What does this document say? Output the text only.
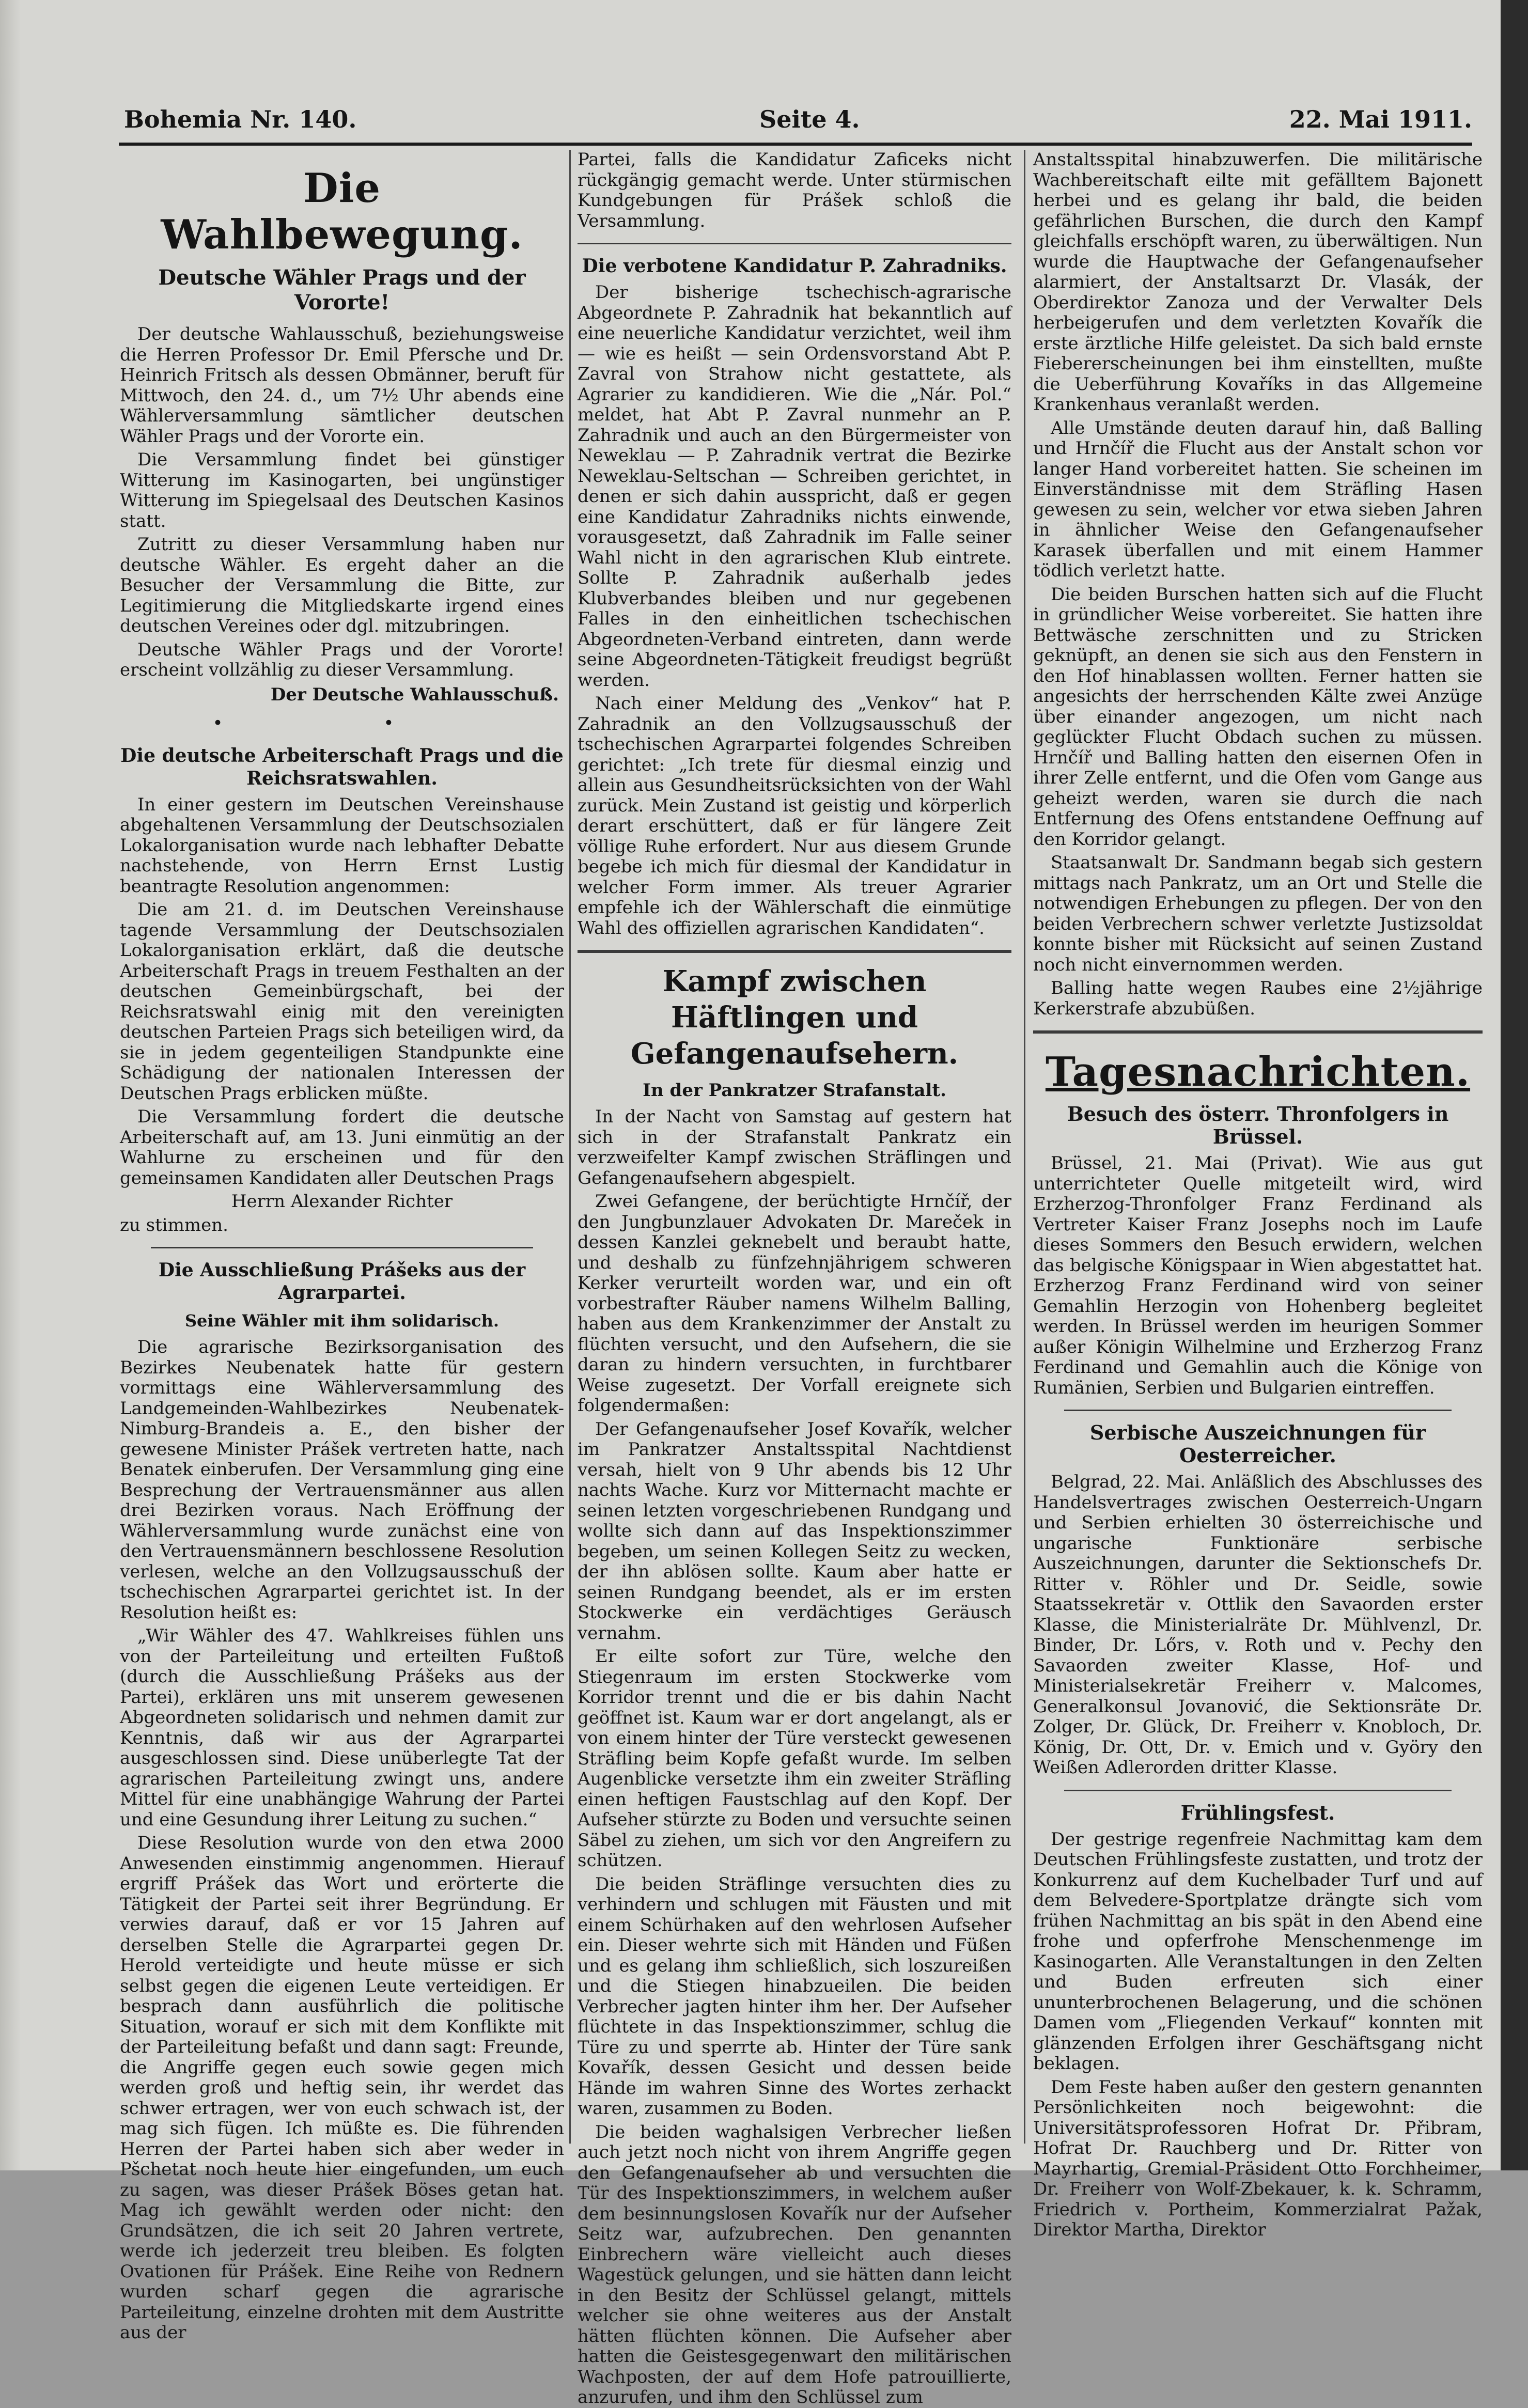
Bohemia Nr. 140.	Seite 4.	22. Mai 1911.
Die Wahlbewegung.
Deutsche Wähler Prags und der Vororte!

Der deutsche Wahlausschuß, beziehungsweise die Herren Professor Dr. Emil Pfersche und Dr. Heinrich Fritsch als dessen Obmänner, beruft für Mittwoch, den 24. d., um 7½ Uhr abends eine Wählerversammlung sämtlicher deutschen Wähler Prags und der Vororte ein.

Die Versammlung findet bei günstiger Witterung im Kasinogarten, bei ungünstiger Witterung im Spiegelsaal des Deutschen Kasinos statt.

Zutritt zu dieser Versammlung haben nur deutsche Wähler. Es ergeht daher an die Besucher der Versammlung die Bitte, zur Legitimierung die Mitgliedskarte irgend eines deutschen Vereines oder dgl. mitzubringen.

Deutsche Wähler Prags und der Vororte! erscheint vollzählig zu dieser Versammlung.

Der Deutsche Wahlausschuß.
• •
Die deutsche Arbeiterschaft Prags und die Reichsratswahlen.

In einer gestern im Deutschen Vereinshause abgehaltenen Versammlung der Deutschsozialen Lokalorganisation wurde nach lebhafter Debatte nachstehende, von Herrn Ernst Lustig beantragte Resolution angenommen:

Die am 21. d. im Deutschen Vereinshause tagende Versammlung der Deutschsozialen Lokalorganisation erklärt, daß die deutsche Arbeiterschaft Prags in treuem Festhalten an der deutschen Gemeinbürgschaft, bei der Reichsratswahl einig mit den vereinigten deutschen Parteien Prags sich beteiligen wird, da sie in jedem gegenteiligen Standpunkte eine Schädigung der nationalen Interessen der Deutschen Prags erblicken müßte.

Die Versammlung fordert die deutsche Arbeiterschaft auf, am 13. Juni einmütig an der Wahlurne zu erscheinen und für den gemeinsamen Kandidaten aller Deutschen Prags

Herrn Alexander Richter

zu stimmen.

Die Ausschließung Prášeks aus der Agrarpartei.
Seine Wähler mit ihm solidarisch.

Die agrarische Bezirksorganisation des Bezirkes Neubenatek hatte für gestern vormittags eine Wählerversammlung des Landgemeinden-Wahlbezirkes Neubenatek-Nimburg-Brandeis a. E., den bisher der gewesene Minister Prášek vertreten hatte, nach Benatek einberufen. Der Versammlung ging eine Besprechung der Vertrauensmänner aus allen drei Bezirken voraus. Nach Eröffnung der Wählerversammlung wurde zunächst eine von den Vertrauensmännern beschlossene Resolution verlesen, welche an den Vollzugsausschuß der tschechischen Agrarpartei gerichtet ist. In der Resolution heißt es:

„Wir Wähler des 47. Wahlkreises fühlen uns von der Parteileitung und erteilten Fußtoß (durch die Ausschließung Prášeks aus der Partei), erklären uns mit unserem gewesenen Abgeordneten solidarisch und nehmen damit zur Kenntnis, daß wir aus der Agrarpartei ausgeschlossen sind. Diese unüberlegte Tat der agrarischen Parteileitung zwingt uns, andere Mittel für eine unabhängige Wahrung der Partei und eine Gesundung ihrer Leitung zu suchen.“

Diese Resolution wurde von den etwa 2000 Anwesenden einstimmig angenommen. Hierauf ergriff Prášek das Wort und erörterte die Tätigkeit der Partei seit ihrer Begründung. Er verwies darauf, daß er vor 15 Jahren auf derselben Stelle die Agrarpartei gegen Dr. Herold verteidigte und heute müsse er sich selbst gegen die eigenen Leute verteidigen. Er besprach dann ausführlich die politische Situation, worauf er sich mit dem Konflikte mit der Parteileitung befaßt und dann sagt: Freunde, die Angriffe gegen euch sowie gegen mich werden groß und heftig sein, ihr werdet das schwer ertragen, wer von euch schwach ist, der mag sich fügen. Ich müßte es. Die führenden Herren der Partei haben sich aber weder in Pšchetat noch heute hier eingefunden, um euch zu sagen, was dieser Prášek Böses getan hat. Mag ich gewählt werden oder nicht: den Grundsätzen, die ich seit 20 Jahren vertrete, werde ich jederzeit treu bleiben. Es folgten Ovationen für Prášek. Eine Reihe von Rednern wurden scharf gegen die agrarische Parteileitung, einzelne drohten mit dem Austritte aus der

Partei, falls die Kandidatur Zaficeks nicht rückgängig gemacht werde. Unter stürmischen Kundgebungen für Prášek schloß die Versammlung.

Die verbotene Kandidatur P. Zahradniks.

Der bisherige tschechisch-agrarische Abgeordnete P. Zahradnik hat bekanntlich auf eine neuerliche Kandidatur verzichtet, weil ihm — wie es heißt — sein Ordensvorstand Abt P. Zavral von Strahow nicht gestattete, als Agrarier zu kandidieren. Wie die „Nár. Pol.“ meldet, hat Abt P. Zavral nunmehr an P. Zahradnik und auch an den Bürgermeister von Neweklau — P. Zahradnik vertrat die Bezirke Neweklau-Seltschan — Schreiben gerichtet, in denen er sich dahin ausspricht, daß er gegen eine Kandidatur Zahradniks nichts einwende, vorausgesetzt, daß Zahradnik im Falle seiner Wahl nicht in den agrarischen Klub eintrete. Sollte P. Zahradnik außerhalb jedes Klubverbandes bleiben und nur gegebenen Falles in den einheitlichen tschechischen Abgeordneten-Verband eintreten, dann werde seine Abgeordneten-Tätigkeit freudigst begrüßt werden.

Nach einer Meldung des „Venkov“ hat P. Zahradnik an den Vollzugsausschuß der tschechischen Agrarpartei folgendes Schreiben gerichtet: „Ich trete für diesmal einzig und allein aus Gesundheitsrücksichten von der Wahl zurück. Mein Zustand ist geistig und körperlich derart erschüttert, daß er für längere Zeit völlige Ruhe erfordert. Nur aus diesem Grunde begebe ich mich für diesmal der Kandidatur in welcher Form immer. Als treuer Agrarier empfehle ich der Wählerschaft die einmütige Wahl des offiziellen agrarischen Kandidaten“.

Kampf zwischen Häftlingen und Gefangenaufsehern.
In der Pankratzer Strafanstalt.

In der Nacht von Samstag auf gestern hat sich in der Strafanstalt Pankratz ein verzweifelter Kampf zwischen Sträflingen und Gefangenaufsehern abgespielt.

Zwei Gefangene, der berüchtigte Hrnčíř, der den Jungbunzlauer Advokaten Dr. Mareček in dessen Kanzlei geknebelt und beraubt hatte, und deshalb zu fünfzehnjährigem schweren Kerker verurteilt worden war, und ein oft vorbestrafter Räuber namens Wilhelm Balling, haben aus dem Krankenzimmer der Anstalt zu flüchten versucht, und den Aufsehern, die sie daran zu hindern versuchten, in furchtbarer Weise zugesetzt. Der Vorfall ereignete sich folgendermaßen:

Der Gefangenaufseher Josef Kovařík, welcher im Pankratzer Anstaltsspital Nachtdienst versah, hielt von 9 Uhr abends bis 12 Uhr nachts Wache. Kurz vor Mitternacht machte er seinen letzten vorgeschriebenen Rundgang und wollte sich dann auf das Inspektionszimmer begeben, um seinen Kollegen Seitz zu wecken, der ihn ablösen sollte. Kaum aber hatte er seinen Rundgang beendet, als er im ersten Stockwerke ein verdächtiges Geräusch vernahm.

Er eilte sofort zur Türe, welche den Stiegenraum im ersten Stockwerke vom Korridor trennt und die er bis dahin Nacht geöffnet ist. Kaum war er dort angelangt, als er von einem hinter der Türe versteckt gewesenen Sträfling beim Kopfe gefaßt wurde. Im selben Augenblicke versetzte ihm ein zweiter Sträfling einen heftigen Faustschlag auf den Kopf. Der Aufseher stürzte zu Boden und versuchte seinen Säbel zu ziehen, um sich vor den Angreifern zu schützen.

Die beiden Sträflinge versuchten dies zu verhindern und schlugen mit Fäusten und mit einem Schürhaken auf den wehrlosen Aufseher ein. Dieser wehrte sich mit Händen und Füßen und es gelang ihm schließlich, sich loszureißen und die Stiegen hinabzueilen. Die beiden Verbrecher jagten hinter ihm her. Der Aufseher flüchtete in das Inspektionszimmer, schlug die Türe zu und sperrte ab. Hinter der Türe sank Kovařík, dessen Gesicht und dessen beide Hände im wahren Sinne des Wortes zerhackt waren, zusammen zu Boden.

Die beiden waghalsigen Verbrecher ließen auch jetzt noch nicht von ihrem Angriffe gegen den Gefangenaufseher ab und versuchten die Tür des Inspektionszimmers, in welchem außer dem besinnungslosen Kovařík nur der Aufseher Seitz war, aufzubrechen. Den genannten Einbrechern wäre vielleicht auch dieses Wagestück gelungen, und sie hätten dann leicht in den Besitz der Schlüssel gelangt, mittels welcher sie ohne weiteres aus der Anstalt hätten flüchten können. Die Aufseher aber hatten die Geistesgegenwart den militärischen Wachposten, der auf dem Hofe patrouillierte, anzurufen, und ihm den Schlüssel zum

Anstaltsspital hinabzuwerfen. Die militärische Wachbereitschaft eilte mit gefälltem Bajonett herbei und es gelang ihr bald, die beiden gefährlichen Burschen, die durch den Kampf gleichfalls erschöpft waren, zu überwältigen. Nun wurde die Hauptwache der Gefangenaufseher alarmiert, der Anstaltsarzt Dr. Vlasák, der Oberdirektor Zanoza und der Verwalter Dels herbeigerufen und dem verletzten Kovařík die erste ärztliche Hilfe geleistet. Da sich bald ernste Fiebererscheinungen bei ihm einstellten, mußte die Ueberführung Kovaříks in das Allgemeine Krankenhaus veranlaßt werden.

Alle Umstände deuten darauf hin, daß Balling und Hrnčíř die Flucht aus der Anstalt schon vor langer Hand vorbereitet hatten. Sie scheinen im Einverständnisse mit dem Sträfling Hasen gewesen zu sein, welcher vor etwa sieben Jahren in ähnlicher Weise den Gefangenaufseher Karasek überfallen und mit einem Hammer tödlich verletzt hatte.

Die beiden Burschen hatten sich auf die Flucht in gründlicher Weise vorbereitet. Sie hatten ihre Bettwäsche zerschnitten und zu Stricken geknüpft, an denen sie sich aus den Fenstern in den Hof hinablassen wollten. Ferner hatten sie angesichts der herrschenden Kälte zwei Anzüge über einander angezogen, um nicht nach geglückter Flucht Obdach suchen zu müssen. Hrnčíř und Balling hatten den eisernen Ofen in ihrer Zelle entfernt, und die Ofen vom Gange aus geheizt werden, waren sie durch die nach Entfernung des Ofens entstandene Oeffnung auf den Korridor gelangt.

Staatsanwalt Dr. Sandmann begab sich gestern mittags nach Pankratz, um an Ort und Stelle die notwendigen Erhebungen zu pflegen. Der von den beiden Verbrechern schwer verletzte Justizsoldat konnte bisher mit Rücksicht auf seinen Zustand noch nicht einvernommen werden.

Balling hatte wegen Raubes eine 2½jährige Kerkerstrafe abzubüßen.

Tagesnachrichten.
Besuch des österr. Thronfolgers in Brüssel.

Brüssel, 21. Mai (Privat). Wie aus gut unterrichteter Quelle mitgeteilt wird, wird Erzherzog-Thronfolger Franz Ferdinand als Vertreter Kaiser Franz Josephs noch im Laufe dieses Sommers den Besuch erwidern, welchen das belgische Königspaar in Wien abgestattet hat. Erzherzog Franz Ferdinand wird von seiner Gemahlin Herzogin von Hohenberg begleitet werden. In Brüssel werden im heurigen Sommer außer Königin Wilhelmine und Erzherzog Franz Ferdinand und Gemahlin auch die Könige von Rumänien, Serbien und Bulgarien eintreffen.

Serbische Auszeichnungen für Oesterreicher.

Belgrad, 22. Mai. Anläßlich des Abschlusses des Handelsvertrages zwischen Oesterreich-Ungarn und Serbien erhielten 30 österreichische und ungarische Funktionäre serbische Auszeichnungen, darunter die Sektionschefs Dr. Ritter v. Röhler und Dr. Seidle, sowie Staatssekretär v. Ottlik den Savaorden erster Klasse, die Ministerialräte Dr. Mühlvenzl, Dr. Binder, Dr. Lőrs, v. Roth und v. Pechy den Savaorden zweiter Klasse, Hof- und Ministerialsekretär Freiherr v. Malcomes, Generalkonsul Jovanović, die Sektionsräte Dr. Zolger, Dr. Glück, Dr. Freiherr v. Knobloch, Dr. König, Dr. Ott, Dr. v. Emich und v. Györy den Weißen Adlerorden dritter Klasse.

Frühlingsfest.

Der gestrige regenfreie Nachmittag kam dem Deutschen Frühlingsfeste zustatten, und trotz der Konkurrenz auf dem Kuchelbader Turf und auf dem Belvedere-Sportplatze drängte sich vom frühen Nachmittag an bis spät in den Abend eine frohe und opferfrohe Menschenmenge im Kasinogarten. Alle Veranstaltungen in den Zelten und Buden erfreuten sich einer ununterbrochenen Belagerung, und die schönen Damen vom „Fliegenden Verkauf“ konnten mit glänzenden Erfolgen ihrer Geschäftsgang nicht beklagen.

Dem Feste haben außer den gestern genannten Persönlichkeiten noch beigewohnt: die Universitätsprofessoren Hofrat Dr. Přibram, Hofrat Dr. Rauchberg und Dr. Ritter von Mayrhartig, Gremial-Präsident Otto Forchheimer, Dr. Freiherr von Wolf-Zbekauer, k. k. Schramm, Friedrich v. Portheim, Kommerzialrat Pažak, Direktor Martha, Direktor
